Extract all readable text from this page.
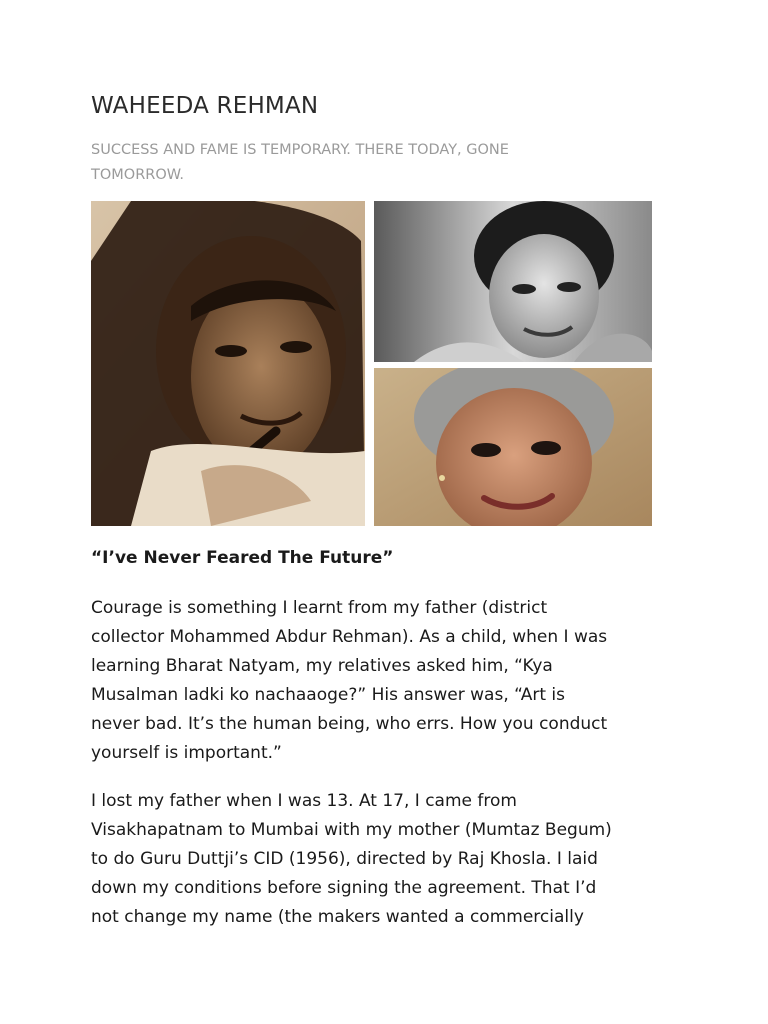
WAHEEDA REHMAN

SUCCESS AND FAME IS TEMPORARY. THERE TODAY, GONE TOMORROW.

“I’ve Never Feared The Future”

Courage is something I learnt from my father (district
collector Mohammed Abdur Rehman). As a child, when I was
learning Bharat Natyam, my relatives asked him, “Kya
Musalman ladki ko nachaaoge?” His answer was, “Art is
never bad. It’s the human being, who errs. How you conduct
yourself is important.”

I lost my father when I was 13. At 17, I came from
Visakhapatnam to Mumbai with my mother (Mumtaz Begum)
to do Guru Duttji’s CID (1956), directed by Raj Khosla. I laid
down my conditions before signing the agreement. That I’d
not change my name (the makers wanted a commercially
